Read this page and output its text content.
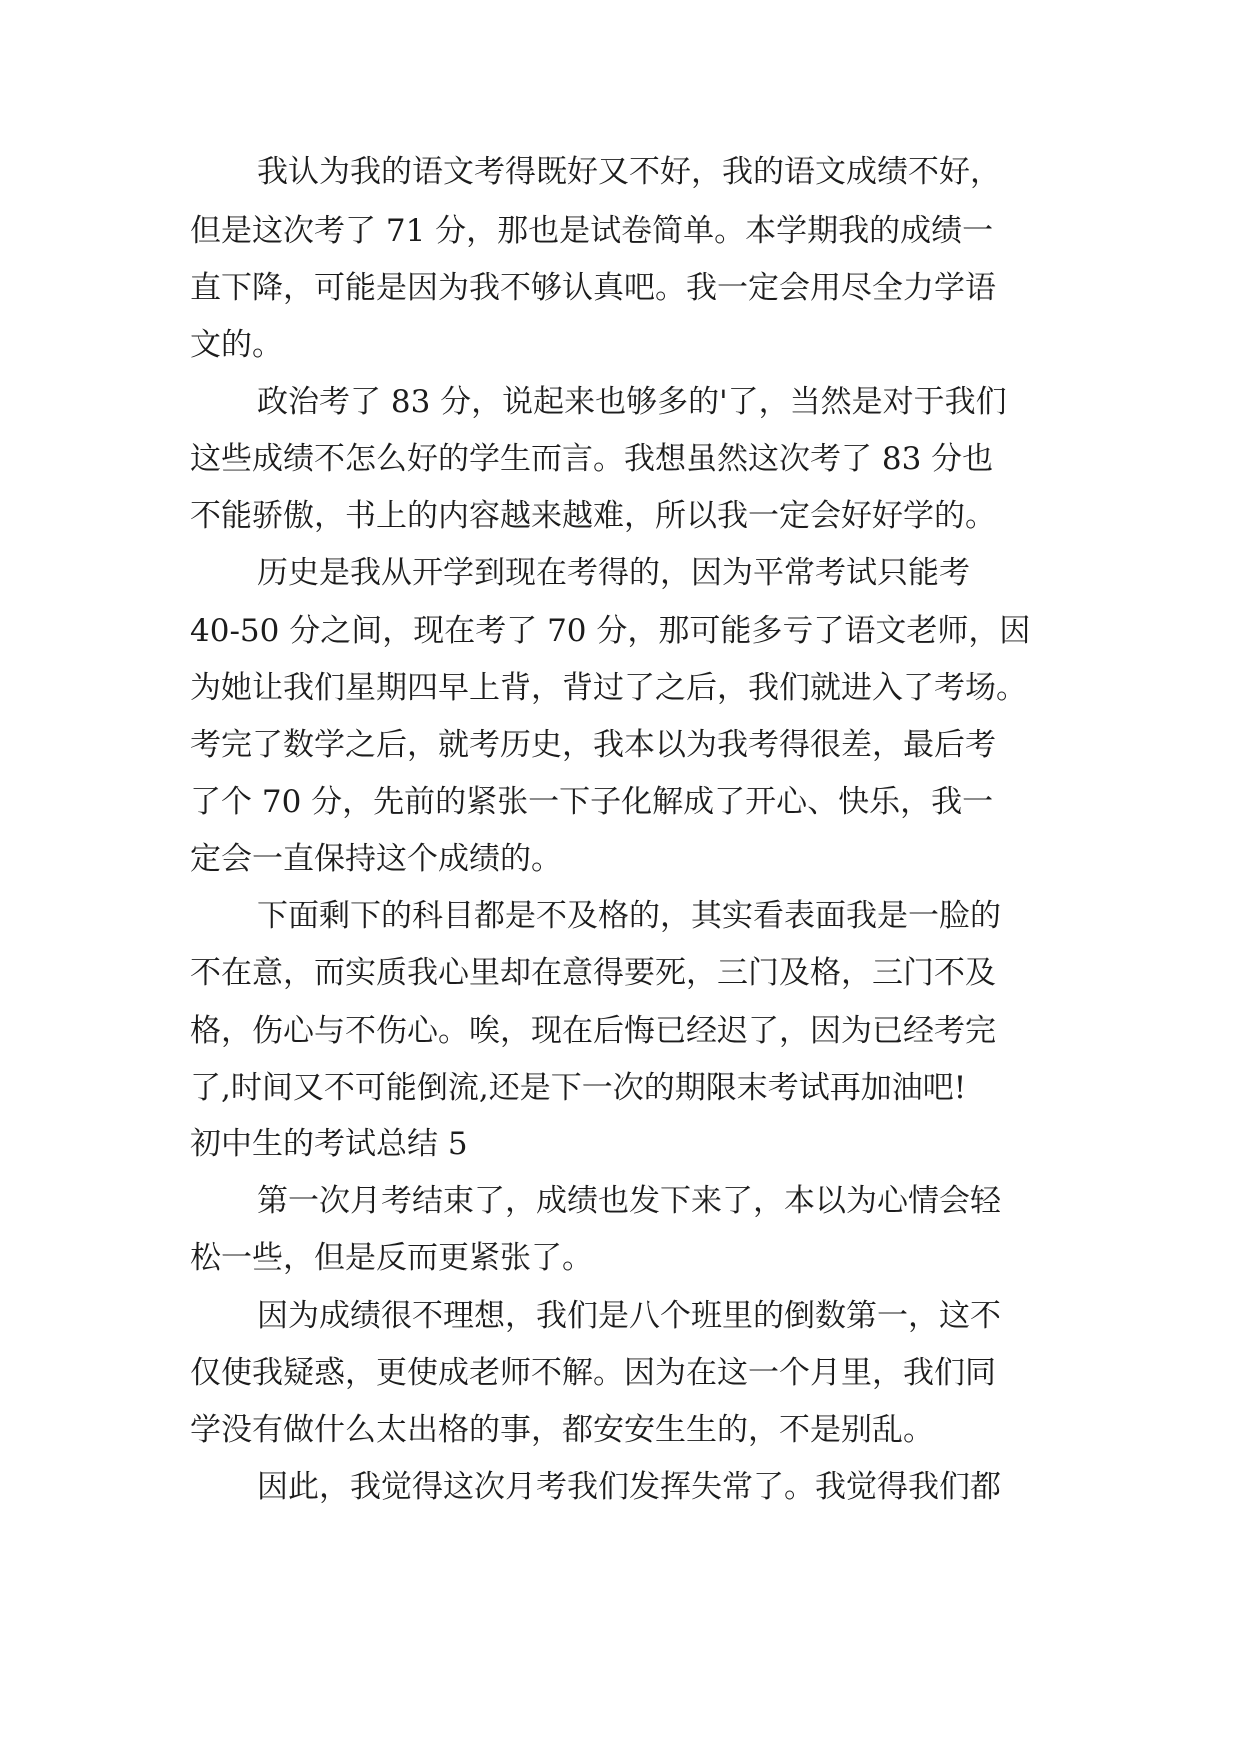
我认为我的语文考得既好又不好，我的语文成绩不好，
但是这次考了 71 分，那也是试卷简单。本学期我的成绩一
直下降，可能是因为我不够认真吧。我一定会用尽全力学语
文的。
政治考了 83 分，说起来也够多的'了，当然是对于我们
这些成绩不怎么好的学生而言。我想虽然这次考了 83 分也
不能骄傲，书上的内容越来越难，所以我一定会好好学的。
历史是我从开学到现在考得的，因为平常考试只能考
40-50 分之间，现在考了 70 分，那可能多亏了语文老师，因
为她让我们星期四早上背，背过了之后，我们就进入了考场。
考完了数学之后，就考历史，我本以为我考得很差，最后考
了个 70 分，先前的紧张一下子化解成了开心、快乐，我一
定会一直保持这个成绩的。
下面剩下的科目都是不及格的，其实看表面我是一脸的
不在意，而实质我心里却在意得要死，三门及格，三门不及
格，伤心与不伤心。唉，现在后悔已经迟了，因为已经考完
了,时间又不可能倒流,还是下一次的期限末考试再加油吧!
初中生的考试总结 5
第一次月考结束了，成绩也发下来了，本以为心情会轻
松一些，但是反而更紧张了。
因为成绩很不理想，我们是八个班里的倒数第一，这不
仅使我疑惑，更使成老师不解。因为在这一个月里，我们同
学没有做什么太出格的事，都安安生生的，不是别乱。
因此，我觉得这次月考我们发挥失常了。我觉得我们都
